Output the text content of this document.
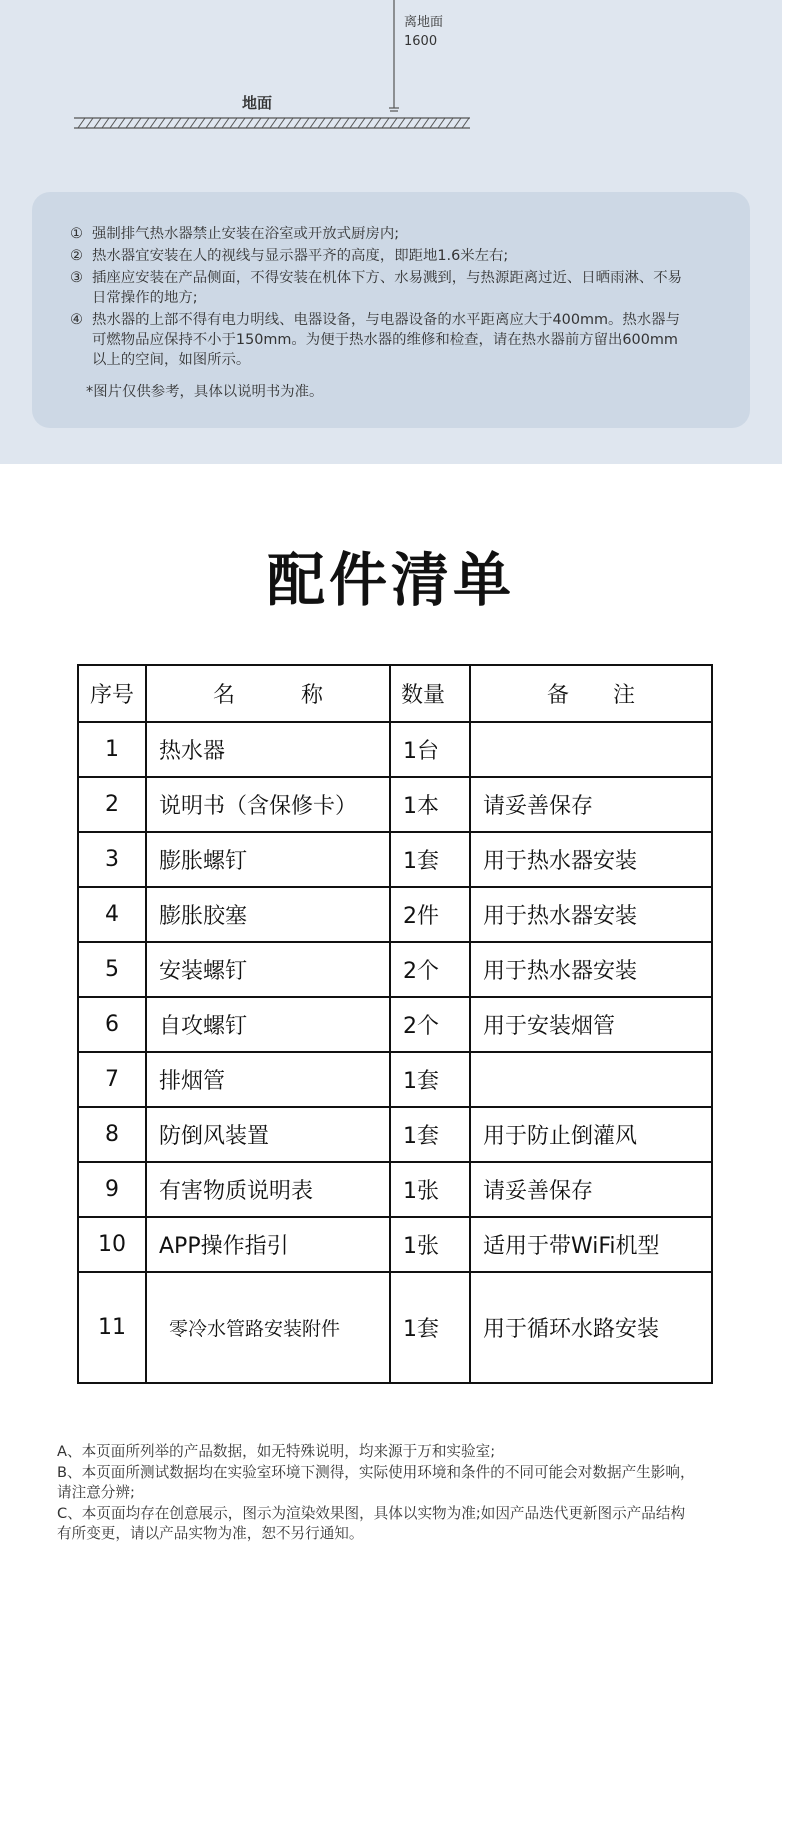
离地面
1600
地面
① 强制排气热水器禁止安装在浴室或开放式厨房内;
② 热水器宜安装在人的视线与显示器平齐的高度，即距地1.6米左右;
③ 插座应安装在产品侧面，不得安装在机体下方、水易溅到，与热源距离过近、日晒雨淋、不易
日常操作的地方;
④ 热水器的上部不得有电力明线、电器设备，与电器设备的水平距离应大于400mm。热水器与
可燃物品应保持不小于150mm。为便于热水器的维修和检查，请在热水器前方留出600mm
以上的空间，如图所示。
*图片仅供参考，具体以说明书为准。
配件清单
序号	名　　　称	数量	备　　注
1	热水器	1台	
2	说明书（含保修卡）	1本	请妥善保存
3	膨胀螺钉	1套	用于热水器安装
4	膨胀胶塞	2件	用于热水器安装
5	安装螺钉	2个	用于热水器安装
6	自攻螺钉	2个	用于安装烟管
7	排烟管	1套	
8	防倒风装置	1套	用于防止倒灌风
9	有害物质说明表	1张	请妥善保存
10	APP操作指引	1张	适用于带WiFi机型
11	零冷水管路安装附件	1套	用于循环水路安装
A、本页面所列举的产品数据，如无特殊说明，均来源于万和实验室;
B、本页面所测试数据均在实验室环境下测得，实际使用环境和条件的不同可能会对数据产生影响，
请注意分辨;
C、本页面均存在创意展示，图示为渲染效果图，具体以实物为准;如因产品迭代更新图示产品结构
有所变更，请以产品实物为准，恕不另行通知。
